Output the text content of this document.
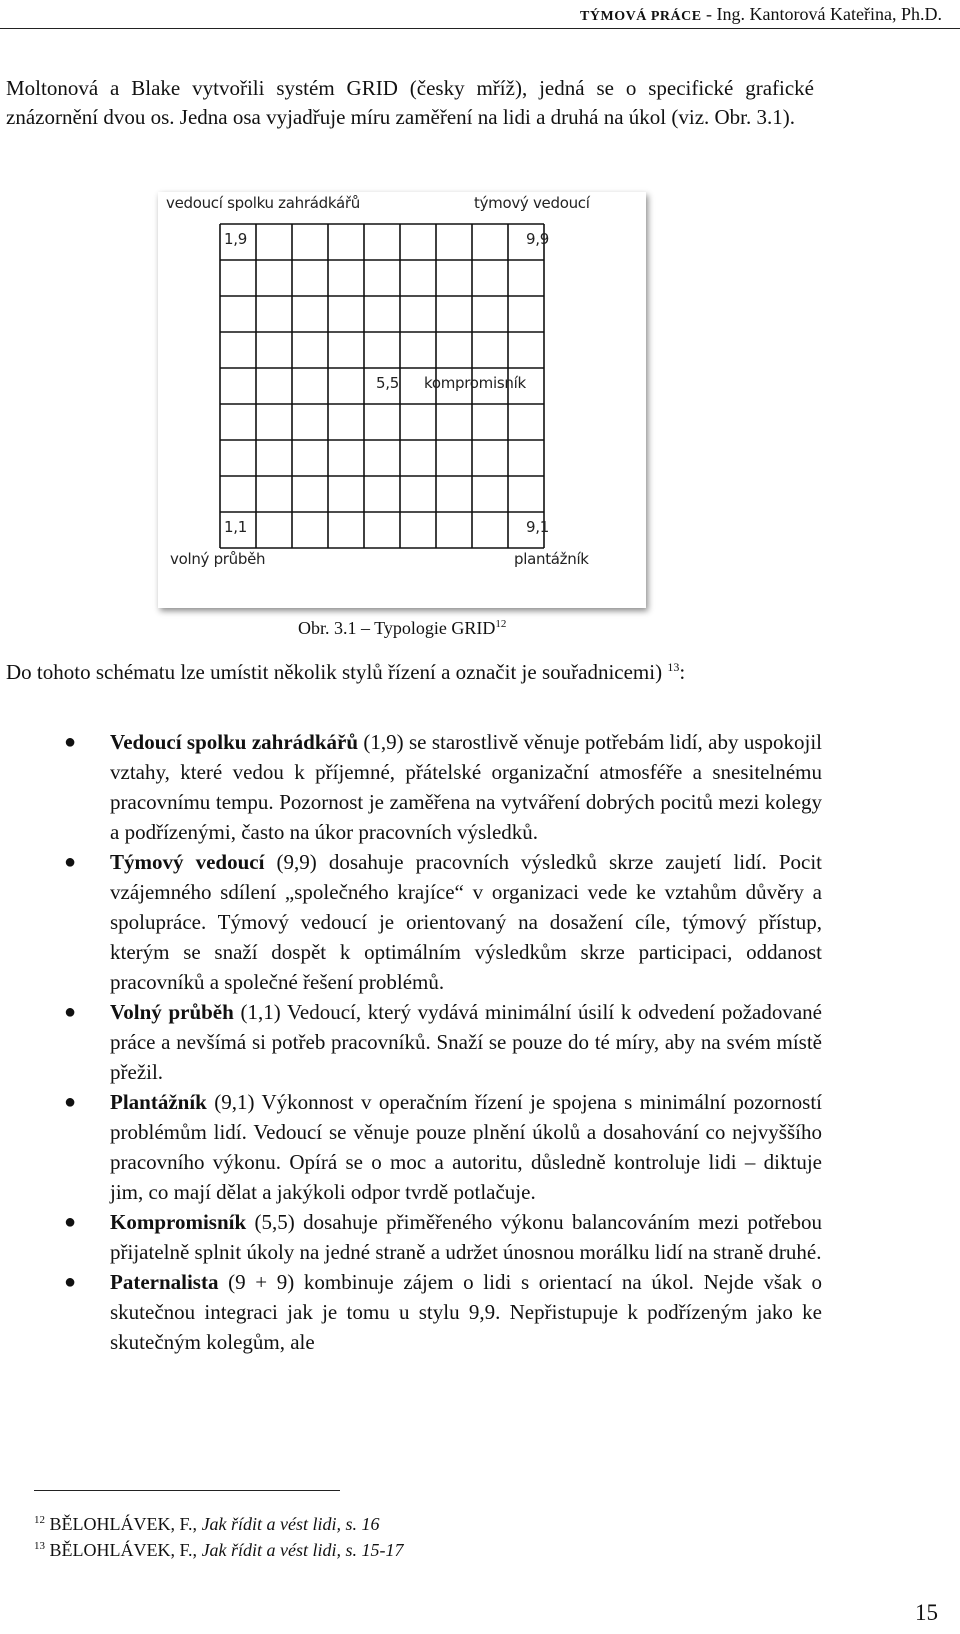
TÝMOVÁ PRÁCE - Ing. Kantorová Kateřina, Ph.D.
Moltonová a Blake vytvořili systém GRID (česky mříž), jedná se o specifické grafické znázornění dvou os. Jedna osa vyjadřuje míru zaměření na lidi a druhá na úkol (viz. Obr. 3.1).
vedoucí spolku zahrádkářů	týmový vedoucí
1,9	9,9
5,5 kompromisník
1,1	9,1
volný průběh	plantážník
Obr. 3.1 – Typologie GRID$^{12}$
Do tohoto schématu lze umístit několik stylů řízení a označit je souřadnicemi) $^{13}$:
● Vedoucí spolku zahrádkářů (1,9) se starostlivě věnuje potřebám lidí, aby uspokojil vztahy, které vedou k příjemné, přátelské organizační atmosféře a snesitelnému pracovnímu tempu. Pozornost je zaměřena na vytváření dobrých pocitů mezi kolegy a podřízenými, často na úkor pracovních výsledků.
● Týmový vedoucí (9,9) dosahuje pracovních výsledků skrze zaujetí lidí. Pocit vzájemného sdílení „společného krajíce“ v organizaci vede ke vztahům důvěry a spolupráce. Týmový vedoucí je orientovaný na dosažení cíle, týmový přístup, kterým se snaží dospět k optimálním výsledkům skrze participaci, oddanost pracovníků a společné řešení problémů.
● Volný průběh (1,1) Vedoucí, který vydává minimální úsilí k odvedení požadované práce a nevšímá si potřeb pracovníků. Snaží se pouze do té míry, aby na svém místě přežil.
● Plantážník (9,1) Výkonnost v operačním řízení je spojena s minimální pozorností problémům lidí. Vedoucí se věnuje pouze plnění úkolů a dosahování co nejvyššího pracovního výkonu. Opírá se o moc a autoritu, důsledně kontroluje lidi – diktuje jim, co mají dělat a jakýkoli odpor tvrdě potlačuje.
● Kompromisník (5,5) dosahuje přiměřeného výkonu balancováním mezi potřebou přijatelně splnit úkoly na jedné straně a udržet únosnou morálku lidí na straně druhé.
● Paternalista (9 + 9) kombinuje zájem o lidi s orientací na úkol. Nejde však o skutečnou integraci jak je tomu u stylu 9,9. Nepřistupuje k podřízeným jako ke skutečným kolegům, ale
$^{12}$ BĚLOHLÁVEK, F., Jak řídit a vést lidi, s. 16
$^{13}$ BĚLOHLÁVEK, F., Jak řídit a vést lidi, s. 15-17
15
